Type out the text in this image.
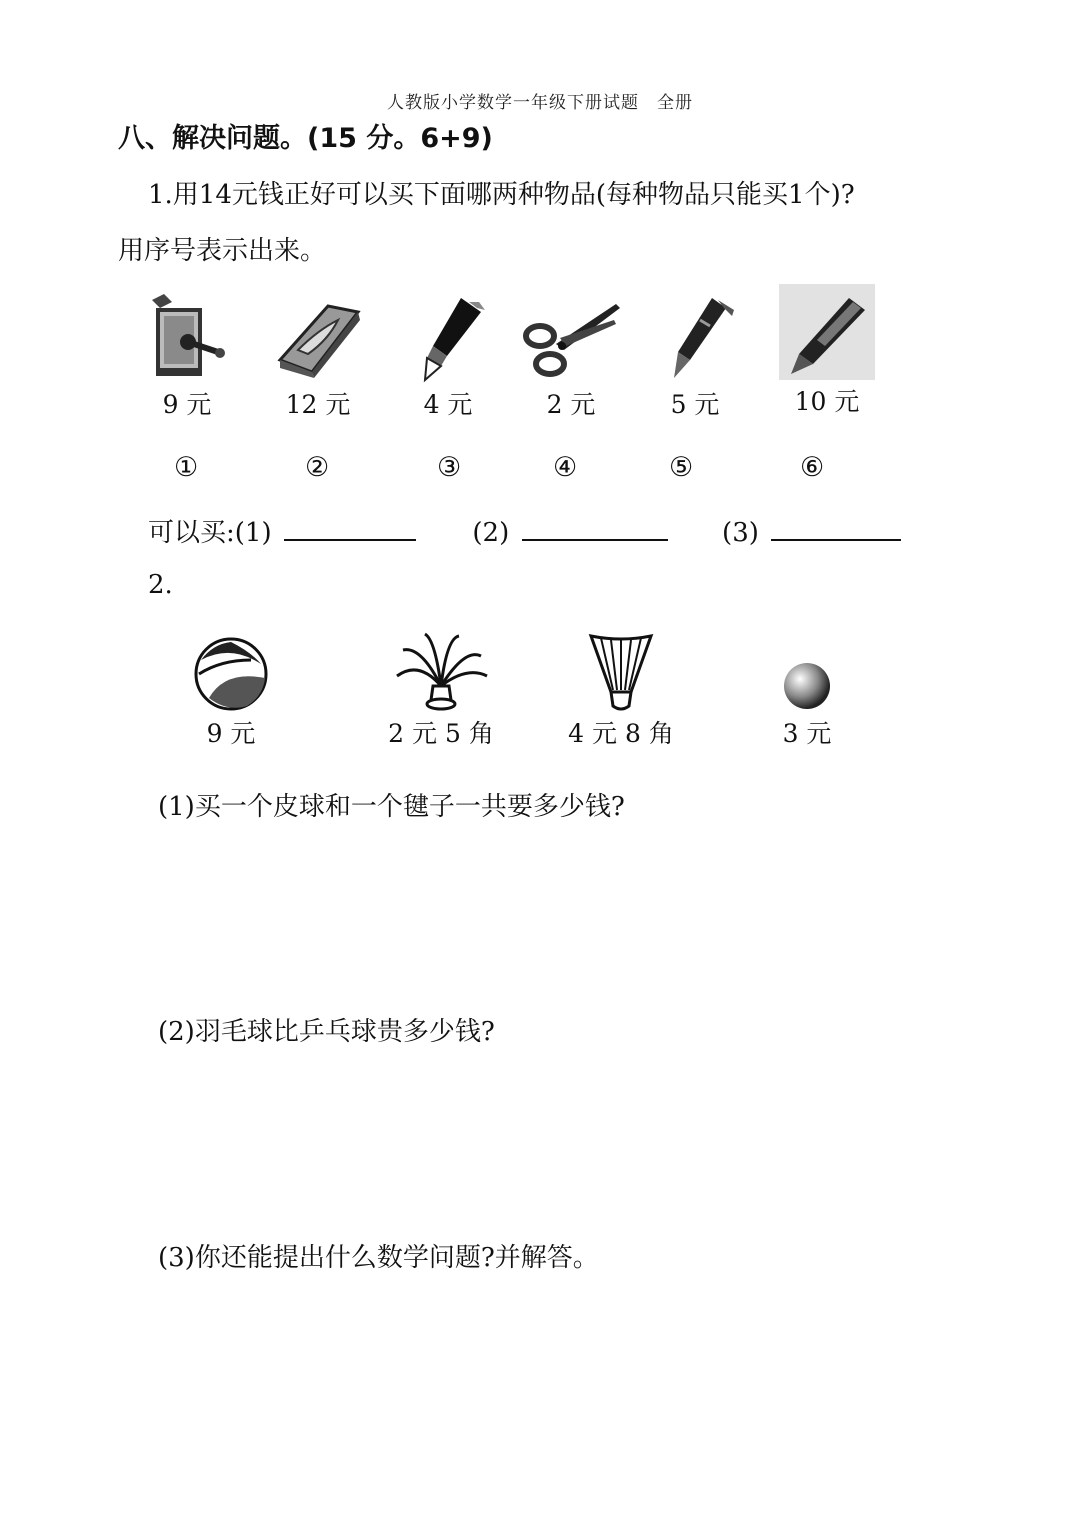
人教版小学数学一年级下册试题　全册
八、解决问题。(15 分。6+9)
1.用14元钱正好可以买下面哪两种物品(每种物品只能买1个)?
用序号表示出来。
9 元	12 元	4 元	2 元	5 元	10 元
①	②	③	④	⑤	⑥
可以买:(1)	(2)	(3)
2.
9 元	2 元 5 角	4 元 8 角	3 元
(1)买一个皮球和一个毽子一共要多少钱?
(2)羽毛球比乒乓球贵多少钱?
(3)你还能提出什么数学问题?并解答。
